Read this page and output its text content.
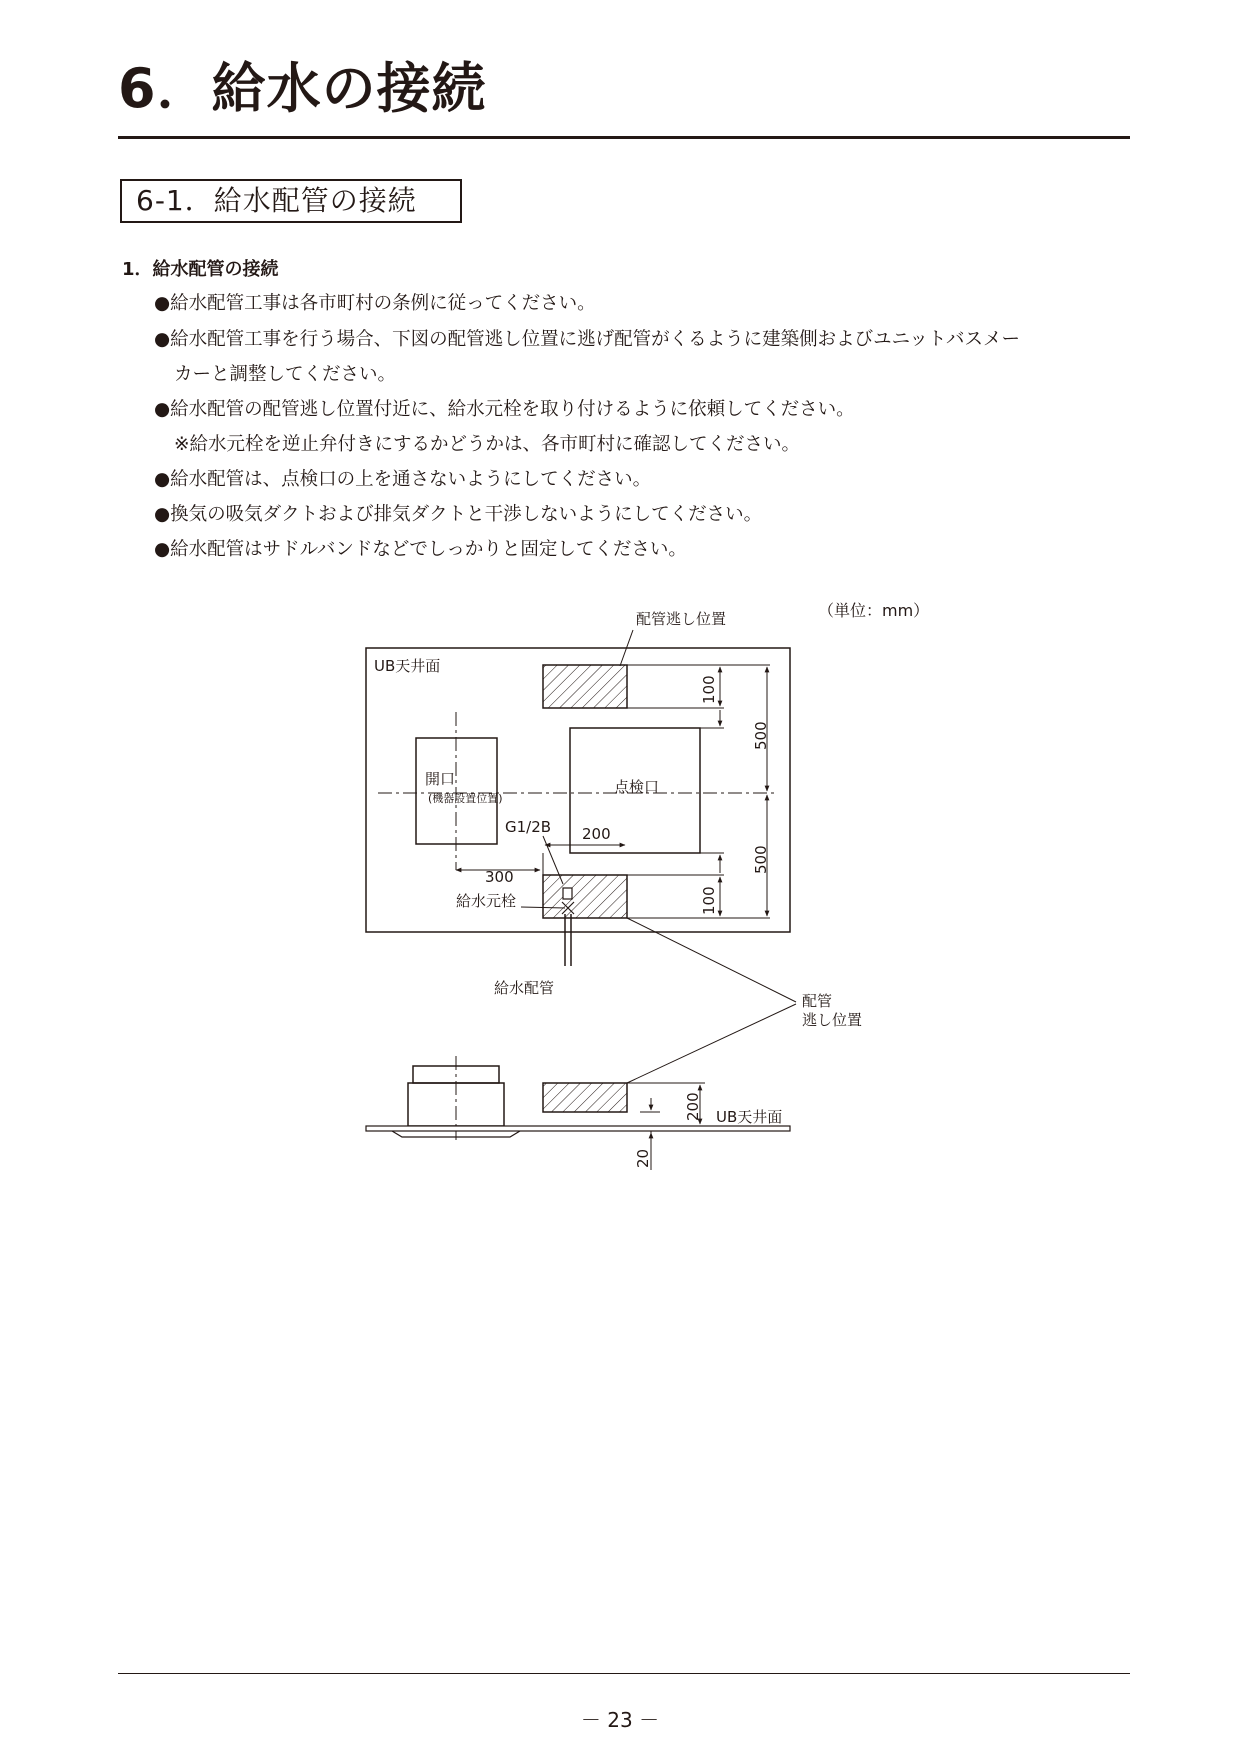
6．給水の接続
6-1．給水配管の接続
1．給水配管の接続
●給水配管工事は各市町村の条例に従ってください。
●給水配管工事を行う場合、下図の配管逃し位置に逃げ配管がくるように建築側およびユニットバスメー
カーと調整してください。
●給水配管の配管逃し位置付近に、給水元栓を取り付けるように依頼してください。
※給水元栓を逆止弁付きにするかどうかは、各市町村に確認してください。
●給水配管は、点検口の上を通さないようにしてください。
●換気の吸気ダクトおよび排気ダクトと干渉しないようにしてください。
●給水配管はサドルバンドなどでしっかりと固定してください。
（単位：mm）
UB天井面
配管逃し位置
開口
(機器設置位置)
点検口
200
G1/2B
300
給水元栓
給水配管
100
500
500
100
配管
逃し位置
200 UB天井面
20
－ 23 －
